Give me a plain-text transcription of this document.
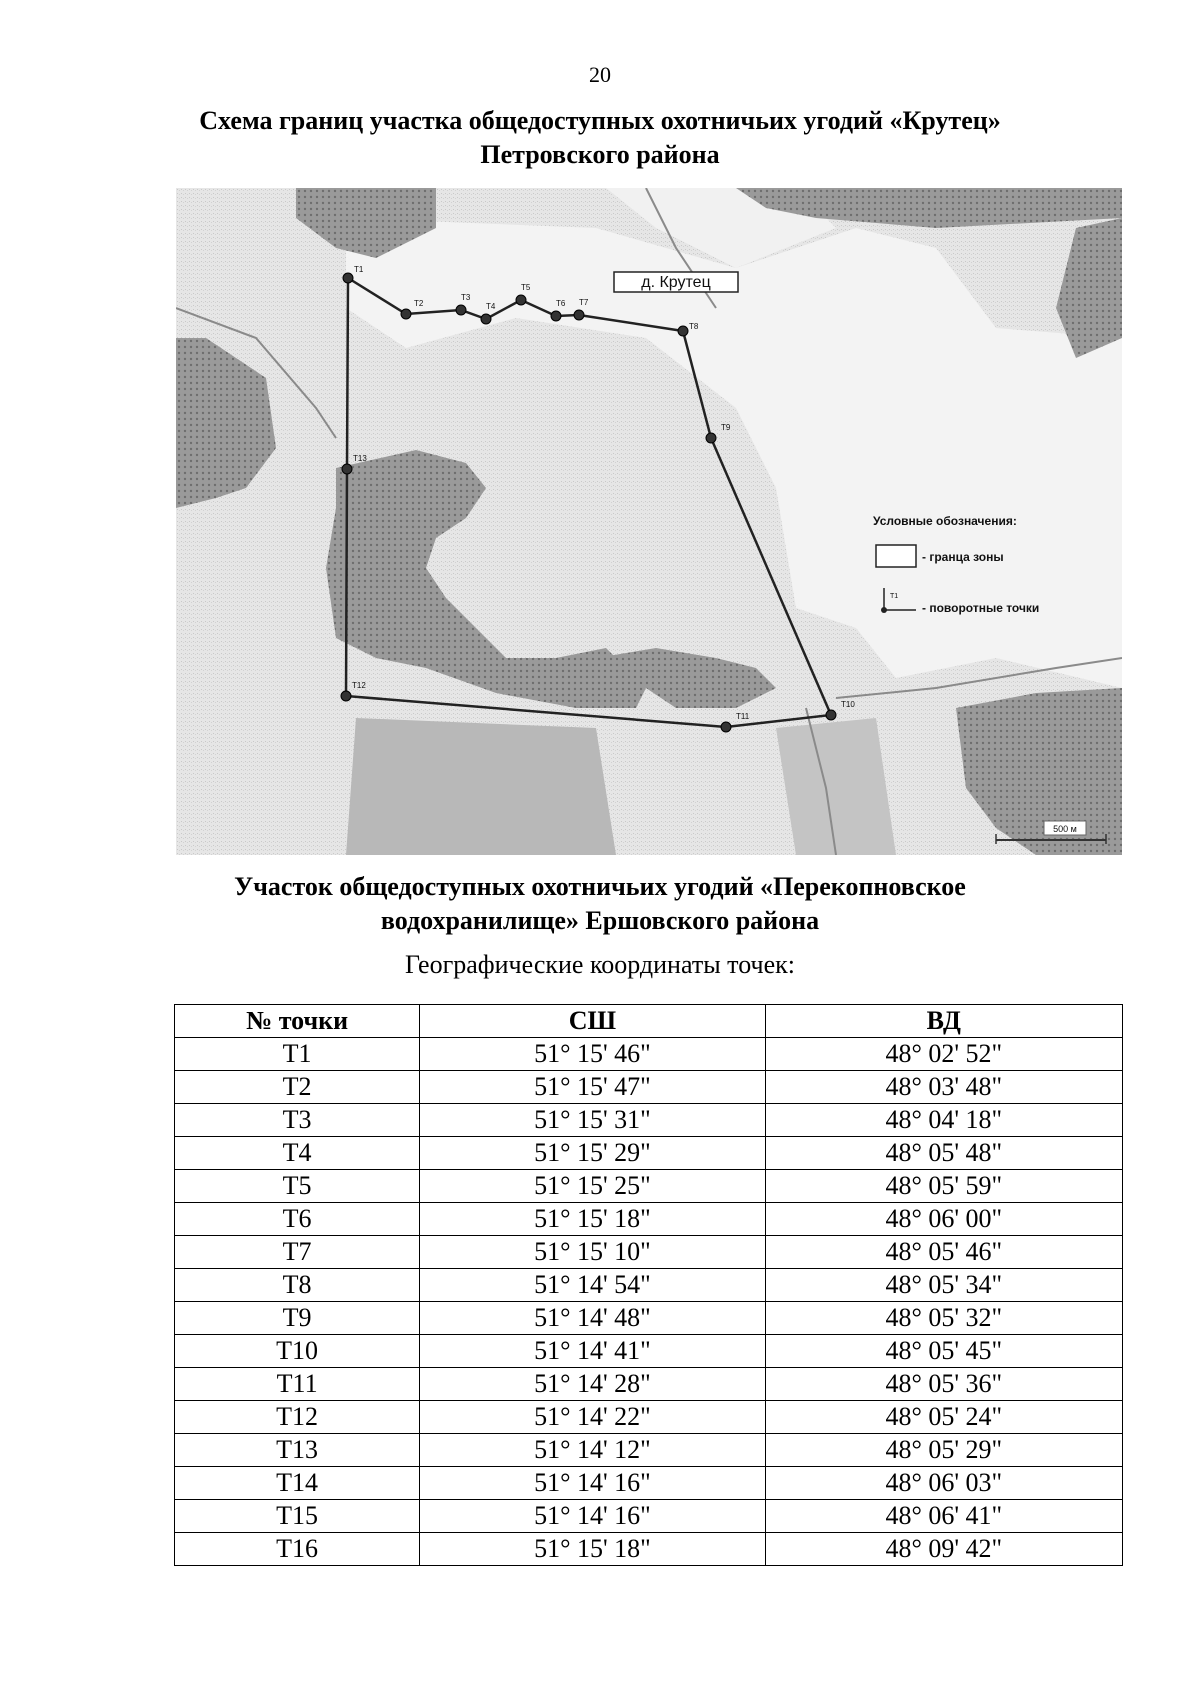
20
Схема границ участка общедоступных охотничьих угодий «Крутец»
Петровского района
Т1
Т2
Т3
Т4
Т5
Т6 Т7
Т8
Т9
Т10
Т11
Т12
Т13
д. Крутец
Условные обозначения:
- гранца зоны
Т1
- поворотные точки
500 м
Участок общедоступных охотничьих угодий «Перекопновское
водохранилище» Ершовского района
Географические координаты точек:
№ точки	СШ	ВД
Т1	51° 15' 46"	48° 02' 52"
Т2	51° 15' 47"	48° 03' 48"
Т3	51° 15' 31"	48° 04' 18"
Т4	51° 15' 29"	48° 05' 48"
Т5	51° 15' 25"	48° 05' 59"
Т6	51° 15' 18"	48° 06' 00"
Т7	51° 15' 10"	48° 05' 46"
Т8	51° 14' 54"	48° 05' 34"
Т9	51° 14' 48"	48° 05' 32"
Т10	51° 14' 41"	48° 05' 45"
Т11	51° 14' 28"	48° 05' 36"
Т12	51° 14' 22"	48° 05' 24"
Т13	51° 14' 12"	48° 05' 29"
Т14	51° 14' 16"	48° 06' 03"
Т15	51° 14' 16"	48° 06' 41"
Т16	51° 15' 18"	48° 09' 42"
